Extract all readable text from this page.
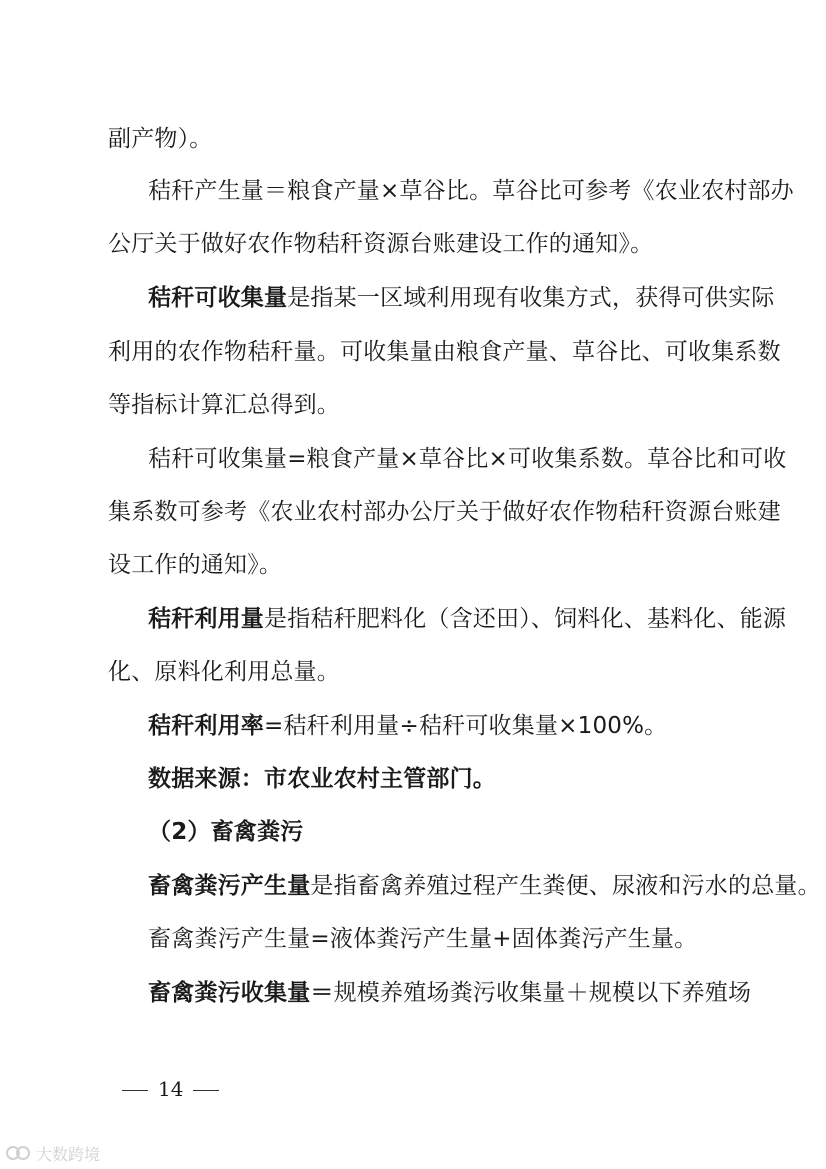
副产物）。
秸秆产生量＝粮食产量×草谷比。草谷比可参考《农业农村部办
公厅关于做好农作物秸秆资源台账建设工作的通知》。
秸秆可收集量是指某一区域利用现有收集方式，获得可供实际
利用的农作物秸秆量。可收集量由粮食产量、草谷比、可收集系数
等指标计算汇总得到。
秸秆可收集量=粮食产量×草谷比×可收集系数。草谷比和可收
集系数可参考《农业农村部办公厅关于做好农作物秸秆资源台账建
设工作的通知》。
秸秆利用量是指秸秆肥料化（含还田）、饲料化、基料化、能源
化、原料化利用总量。
秸秆利用率=秸秆利用量÷秸秆可收集量×100%。
数据来源：市农业农村主管部门。
（2）畜禽粪污
畜禽粪污产生量是指畜禽养殖过程产生粪便、尿液和污水的总量。
畜禽粪污产生量=液体粪污产生量+固体粪污产生量。
畜禽粪污收集量＝规模养殖场粪污收集量＋规模以下养殖场
14
大数跨境
